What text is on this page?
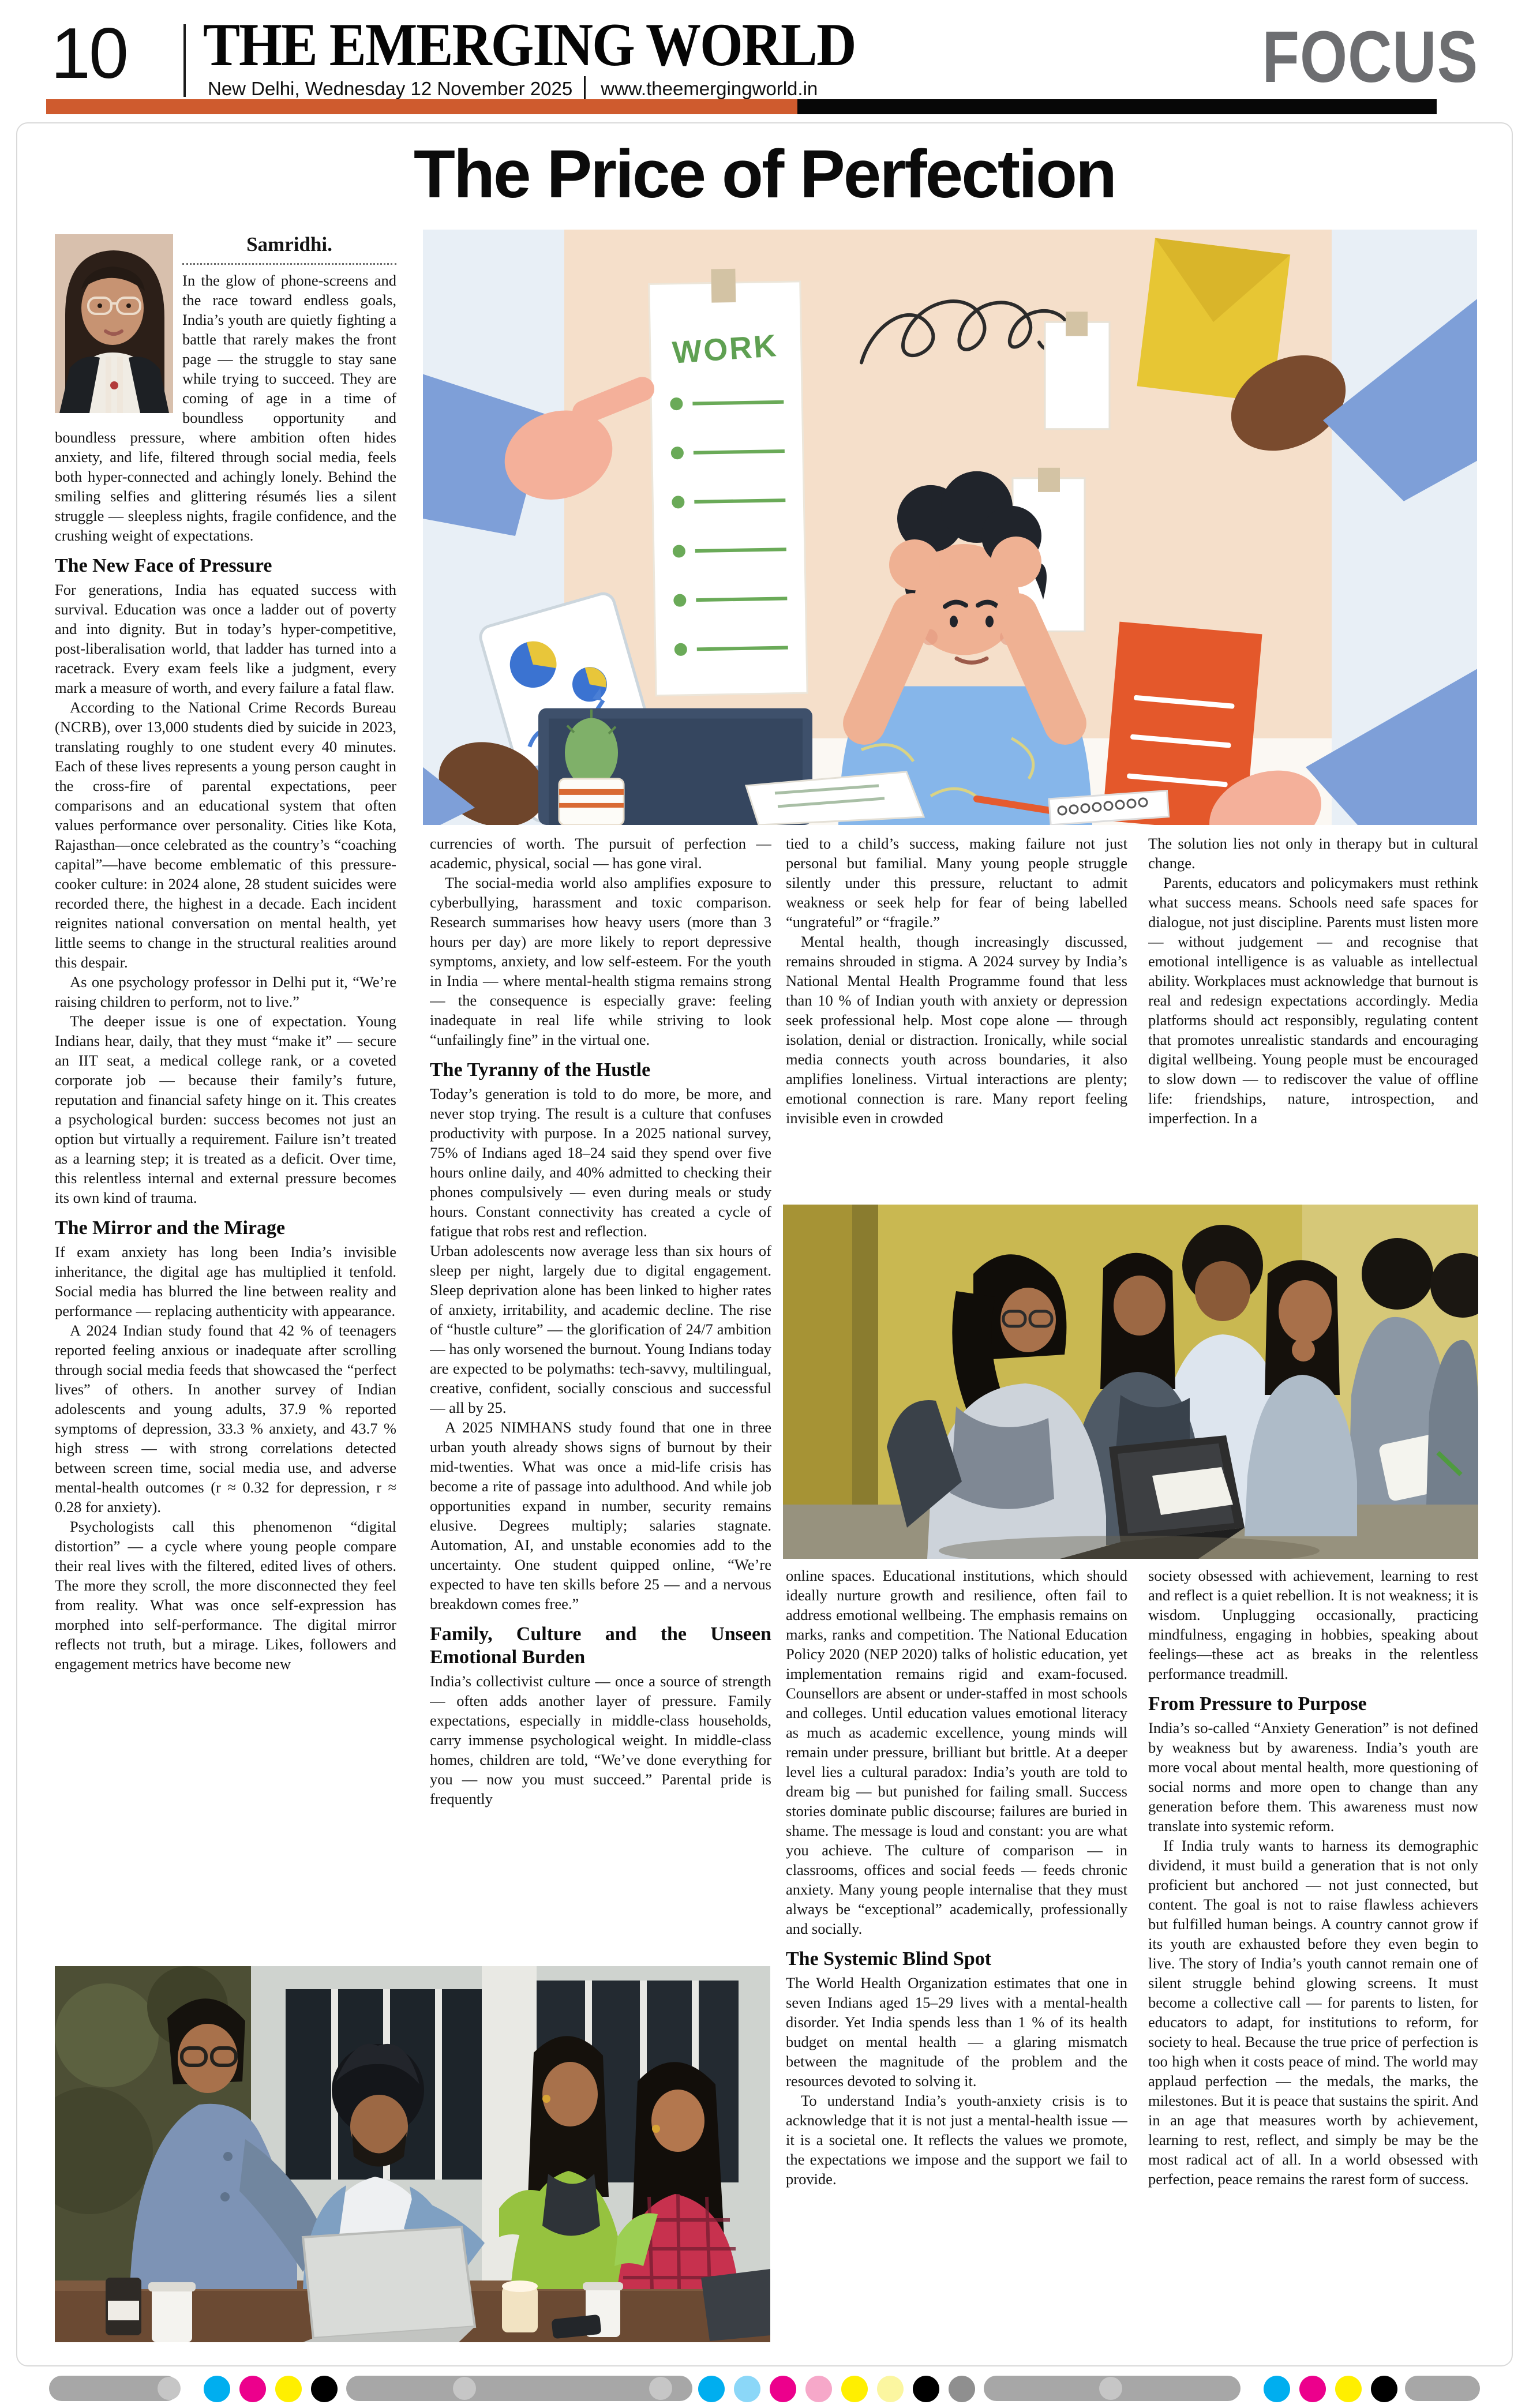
10 THE EMERGING WORLD
New Delhi, Wednesday 12 November 2025 www.theemergingworld.in	FOCUS
The Price of Perfection
Samridhi.

In the glow of phone-screens and the race toward endless goals, India’s youth are quietly fighting a battle that rarely makes the front page — the struggle to stay sane while trying to succeed. They are coming of age in a time of boundless opportunity and boundless pressure, where ambition often hides anxiety, and life, filtered through social media, feels both hyper-connected and achingly lonely. Behind the smiling selfies and glittering résumés lies a silent struggle — sleepless nights, fragile confidence, and the crushing weight of expectations.

The New Face of Pressure

For generations, India has equated success with survival. Education was once a ladder out of poverty and into dignity. But in today’s hyper-competitive, post-liberalisation world, that ladder has turned into a racetrack. Every exam feels like a judgment, every mark a measure of worth, and every failure a fatal flaw.

According to the National Crime Records Bureau (NCRB), over 13,000 students died by suicide in 2023, translating roughly to one student every 40 minutes. Each of these lives represents a young person caught in the cross-fire of parental expectations, peer comparisons and an educational system that often values performance over personality. Cities like Kota, Rajasthan—once celebrated as the country’s “coaching capital”—have become emblematic of this pressure-cooker culture: in 2024 alone, 28 student suicides were recorded there, the highest in a decade. Each incident reignites national conversation on mental health, yet little seems to change in the structural realities around this despair.

As one psychology professor in Delhi put it, “We’re raising children to perform, not to live.”

The deeper issue is one of expectation. Young Indians hear, daily, that they must “make it” — secure an IIT seat, a medical college rank, or a coveted corporate job — because their family’s future, reputation and financial safety hinge on it. This creates a psychological burden: success becomes not just an option but virtually a requirement. Failure isn’t treated as a learning step; it is treated as a deficit. Over time, this relentless internal and external pressure becomes its own kind of trauma.

The Mirror and the Mirage

If exam anxiety has long been India’s invisible inheritance, the digital age has multiplied it tenfold. Social media has blurred the line between reality and performance — replacing authenticity with appearance.

A 2024 Indian study found that 42 % of teenagers reported feeling anxious or inadequate after scrolling through social media feeds that showcased the “perfect lives” of others. In another survey of Indian adolescents and young adults, 37.9 % reported symptoms of depression, 33.3 % anxiety, and 43.7 % high stress — with strong correlations detected between screen time, social media use, and adverse mental-health outcomes (r ≈ 0.32 for depression, r ≈ 0.28 for anxiety).

Psychologists call this phenomenon “digital distortion” — a cycle where young people compare their real lives with the filtered, edited lives of others. The more they scroll, the more disconnected they feel from reality. What was once self-expression has morphed into self-performance. The digital mirror reflects not truth, but a mirage. Likes, followers and engagement metrics have become new

WORK

currencies of worth. The pursuit of perfection — academic, physical, social — has gone viral.

The social-media world also amplifies exposure to cyberbullying, harassment and toxic comparison. Research summarises how heavy users (more than 3 hours per day) are more likely to report depressive symptoms, anxiety, and low self-esteem. For the youth in India — where mental-health stigma remains strong — the consequence is especially grave: feeling inadequate in real life while striving to look “unfailingly fine” in the virtual one.

The Tyranny of the Hustle

Today’s generation is told to do more, be more, and never stop trying. The result is a culture that confuses productivity with purpose. In a 2025 national survey, 75% of Indians aged 18–24 said they spend over five hours online daily, and 40% admitted to checking their phones compulsively — even during meals or study hours. Constant connectivity has created a cycle of fatigue that robs rest and reflection.

Urban adolescents now average less than six hours of sleep per night, largely due to digital engagement. Sleep deprivation alone has been linked to higher rates of anxiety, irritability, and academic decline. The rise of “hustle culture” — the glorification of 24/7 ambition — has only worsened the burnout. Young Indians today are expected to be polymaths: tech-savvy, multilingual, creative, confident, socially conscious and successful — all by 25.

A 2025 NIMHANS study found that one in three urban youth already shows signs of burnout by their mid-twenties. What was once a mid-life crisis has become a rite of passage into adulthood. And while job opportunities expand in number, security remains elusive. Degrees multiply; salaries stagnate. Automation, AI, and unstable economies add to the uncertainty. One student quipped online, “We’re expected to have ten skills before 25 — and a nervous breakdown comes free.”

Family, Culture and the Unseen Emotional Burden

India’s collectivist culture — once a source of strength — often adds another layer of pressure. Family expectations, especially in middle-class households, carry immense psychological weight. In middle-class homes, children are told, “We’ve done everything for you — now you must succeed.” Parental pride is frequently

tied to a child’s success, making failure not just personal but familial. Many young people struggle silently under this pressure, reluctant to admit weakness or seek help for fear of being labelled “ungrateful” or “fragile.”

Mental health, though increasingly discussed, remains shrouded in stigma. A 2024 survey by India’s National Mental Health Programme found that less than 10 % of Indian youth with anxiety or depression seek professional help. Most cope alone — through isolation, denial or distraction. Ironically, while social media connects youth across boundaries, it also amplifies loneliness. Virtual interactions are plenty; emotional connection is rare. Many report feeling invisible even in crowded

online spaces. Educational institutions, which should ideally nurture growth and resilience, often fail to address emotional wellbeing. The emphasis remains on marks, ranks and competition. The National Education Policy 2020 (NEP 2020) talks of holistic education, yet implementation remains rigid and exam-focused. Counsellors are absent or under-staffed in most schools and colleges. Until education values emotional literacy as much as academic excellence, young minds will remain under pressure, brilliant but brittle. At a deeper level lies a cultural paradox: India’s youth are told to dream big — but punished for failing small. Success stories dominate public discourse; failures are buried in shame. The message is loud and constant: you are what you achieve. The culture of comparison — in classrooms, offices and social feeds — feeds chronic anxiety. Many young people internalise that they must always be “exceptional” academically, professionally and socially.

The Systemic Blind Spot

The World Health Organization estimates that one in seven Indians aged 15–29 lives with a mental-health disorder. Yet India spends less than 1 % of its health budget on mental health — a glaring mismatch between the magnitude of the problem and the resources devoted to solving it.

To understand India’s youth-anxiety crisis is to acknowledge that it is not just a mental-health issue — it is a societal one. It reflects the values we promote, the expectations we impose and the support we fail to provide.

The solution lies not only in therapy but in cultural change.

Parents, educators and policymakers must rethink what success means. Schools need safe spaces for dialogue, not just discipline. Parents must listen more — without judgement — and recognise that emotional intelligence is as valuable as intellectual ability. Workplaces must acknowledge that burnout is real and redesign expectations accordingly. Media platforms should act responsibly, regulating content that promotes unrealistic standards and encouraging digital wellbeing. Young people must be encouraged to slow down — to rediscover the value of offline life: friendships, nature, introspection, and imperfection. In a

society obsessed with achievement, learning to rest and reflect is a quiet rebellion. It is not weakness; it is wisdom. Unplugging occasionally, practicing mindfulness, engaging in hobbies, speaking about feelings—these act as breaks in the relentless performance treadmill.

From Pressure to Purpose

India’s so-called “Anxiety Generation” is not defined by weakness but by awareness. India’s youth are more vocal about mental health, more questioning of social norms and more open to change than any generation before them. This awareness must now translate into systemic reform.

If India truly wants to harness its demographic dividend, it must build a generation that is not only proficient but anchored — not just connected, but content. The goal is not to raise flawless achievers but fulfilled human beings. A country cannot grow if its youth are exhausted before they even begin to live. The story of India’s youth cannot remain one of silent struggle behind glowing screens. It must become a collective call — for parents to listen, for educators to adapt, for institutions to reform, for society to heal. Because the true price of perfection is too high when it costs peace of mind. The world may applaud perfection — the medals, the marks, the milestones. But it is peace that sustains the spirit. And in an age that measures worth by achievement, learning to rest, reflect, and simply be may be the most radical act of all. In a world obsessed with perfection, peace remains the rarest form of success.
